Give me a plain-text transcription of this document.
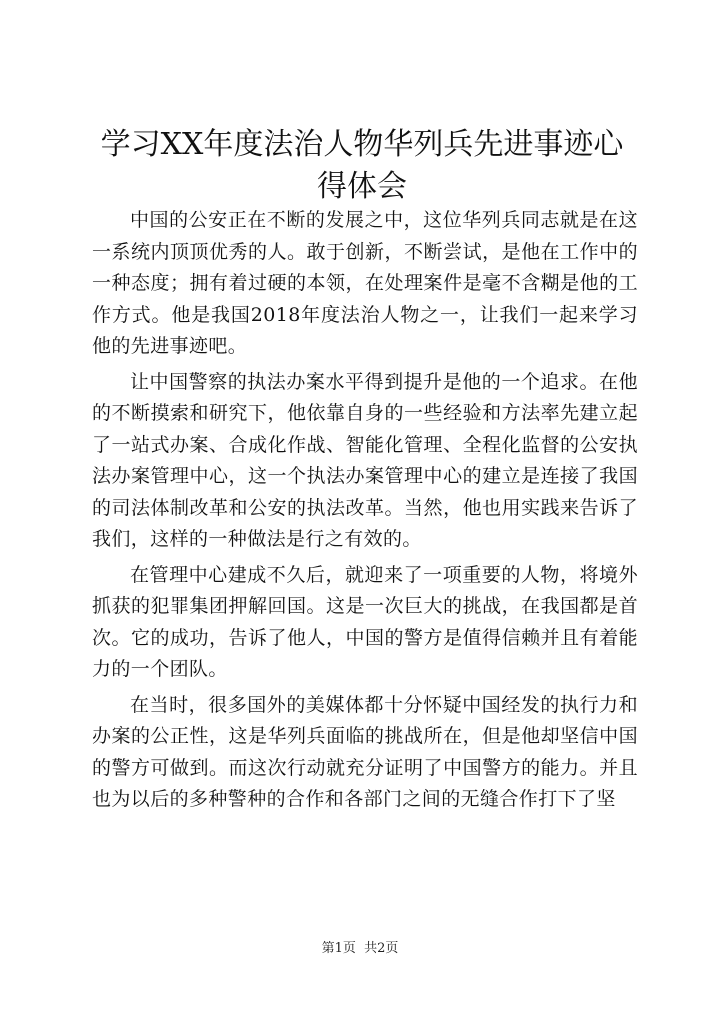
学习XX年度法治人物华列兵先进事迹心得体会

中国的公安正在不断的发展之中，这位华列兵同志就是在这一系统内顶顶优秀的人。敢于创新，不断尝试，是他在工作中的一种态度；拥有着过硬的本领，在处理案件是毫不含糊是他的工作方式。他是我国2018年度法治人物之一，让我们一起来学习他的先进事迹吧。

让中国警察的执法办案水平得到提升是他的一个追求。在他的不断摸索和研究下，他依靠自身的一些经验和方法率先建立起了一站式办案、合成化作战、智能化管理、全程化监督的公安执法办案管理中心，这一个执法办案管理中心的建立是连接了我国的司法体制改革和公安的执法改革。当然，他也用实践来告诉了我们，这样的一种做法是行之有效的。

在管理中心建成不久后，就迎来了一项重要的人物，将境外抓获的犯罪集团押解回国。这是一次巨大的挑战，在我国都是首次。它的成功，告诉了他人，中国的警方是值得信赖并且有着能力的一个团队。

在当时，很多国外的美媒体都十分怀疑中国经发的执行力和办案的公正性，这是华列兵面临的挑战所在，但是他却坚信中国的警方可做到。而这次行动就充分证明了中国警方的能力。并且也为以后的多种警种的合作和各部门之间的无缝合作打下了坚

第1页 共2页
